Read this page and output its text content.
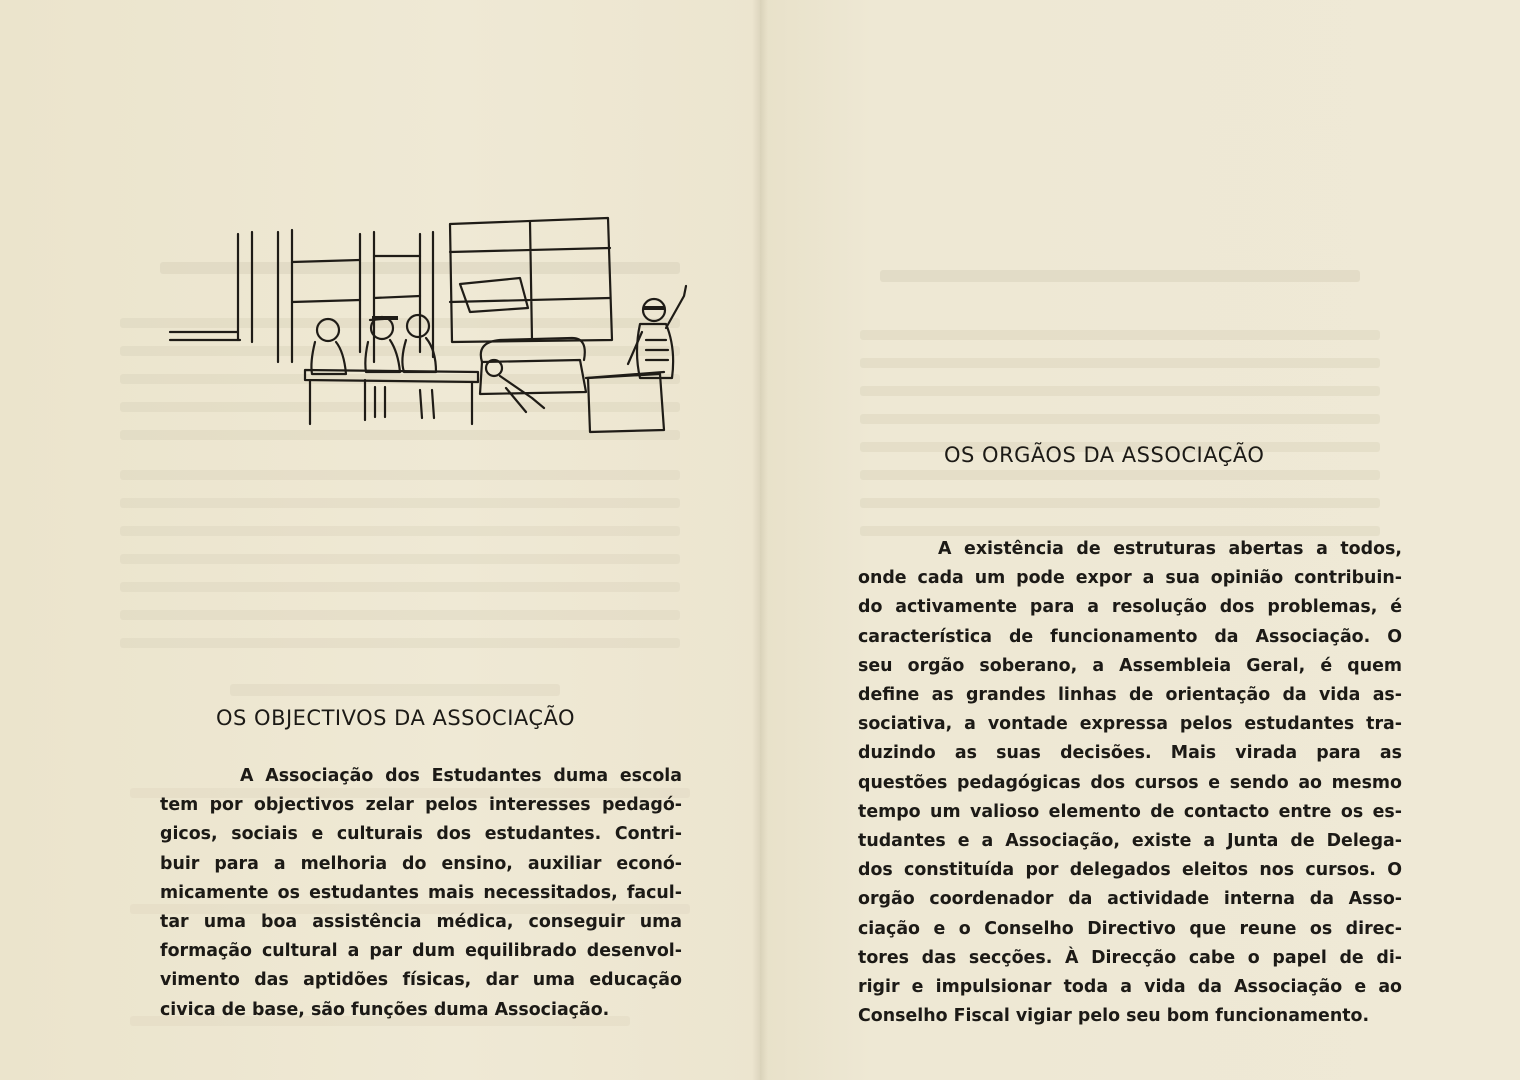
OS OBJECTIVOS DA ASSOCIAÇÃO
A Associação dos Estudantes duma escola
tem por objectivos zelar pelos interesses pedagó-
gicos, sociais e culturais dos estudantes. Contri-
buir para a melhoria do ensino, auxiliar econó-
micamente os estudantes mais necessitados, facul-
tar uma boa assistência médica, conseguir uma
formação cultural a par dum equilibrado desenvol-
vimento das aptidões físicas, dar uma educação
civica de base, são funções duma Associação.
OS ORGÃOS DA ASSOCIAÇÃO
A existência de estruturas abertas a todos,
onde cada um pode expor a sua opinião contribuin-
do activamente para a resolução dos problemas, é
característica de funcionamento da Associação. O
seu orgão soberano, a Assembleia Geral, é quem
define as grandes linhas de orientação da vida as-
sociativa, a vontade expressa pelos estudantes tra-
duzindo as suas decisões. Mais virada para as
questões pedagógicas dos cursos e sendo ao mesmo
tempo um valioso elemento de contacto entre os es-
tudantes e a Associação, existe a Junta de Delega-
dos constituída por delegados eleitos nos cursos. O
orgão coordenador da actividade interna da Asso-
ciação e o Conselho Directivo que reune os direc-
tores das secções. À Direcção cabe o papel de di-
rigir e impulsionar toda a vida da Associação e ao
Conselho Fiscal vigiar pelo seu bom funcionamento.
